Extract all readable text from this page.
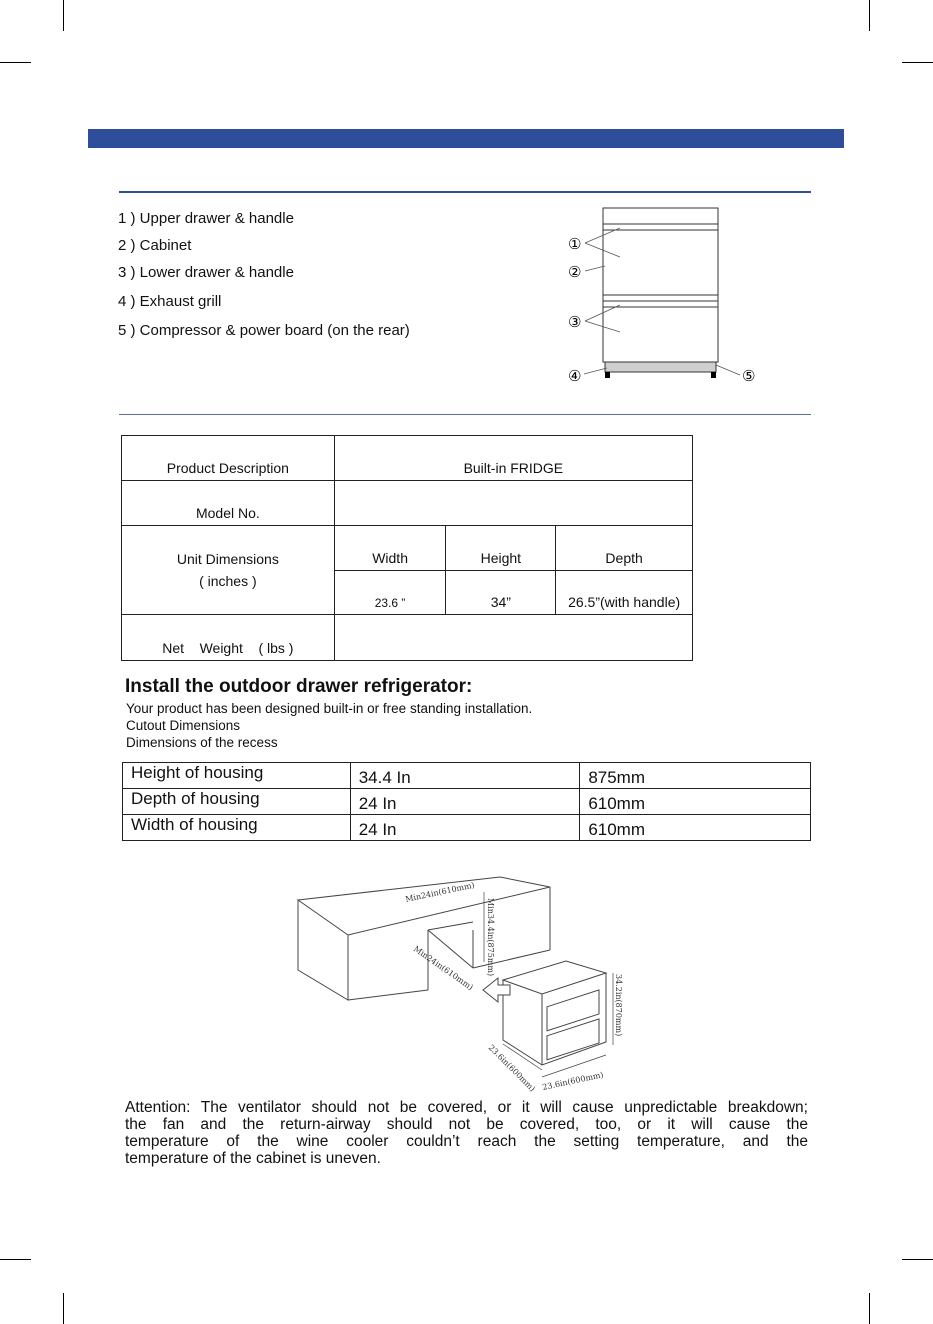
1 ) Upper drawer & handle
2 ) Cabinet
3 ) Lower drawer & handle
4 ) Exhaust grill
5 ) Compressor & power board (on the rear)
①
②
③
④	⑤
Product Description	Built-in FRIDGE		
Model No.			

Unit Dimensions
( inches )	Width	Height	Depth
	23.6 ”	34”	26.5”(with handle)
Net    Weight    ( lbs )			
Install the outdoor drawer refrigerator:
Your product has been designed built-in or free standing installation.
Cutout Dimensions
Dimensions of the recess
Height of housing	34.4 In	875mm
Depth of housing	24 In	610mm
Width of housing	24 In	610mm
Min24in(610mm)
Min34.4in(875mm)
Min24in(610mm)
34.2in(870mm)
23.6in(600mm) 23.6in(600mm)
Attention: The ventilator should not be covered, or it will cause unpredictable breakdown;
the fan and the return-airway should not be covered, too, or it will cause the
temperature of the wine cooler couldn’t reach the setting temperature, and the
temperature of the cabinet is uneven.
